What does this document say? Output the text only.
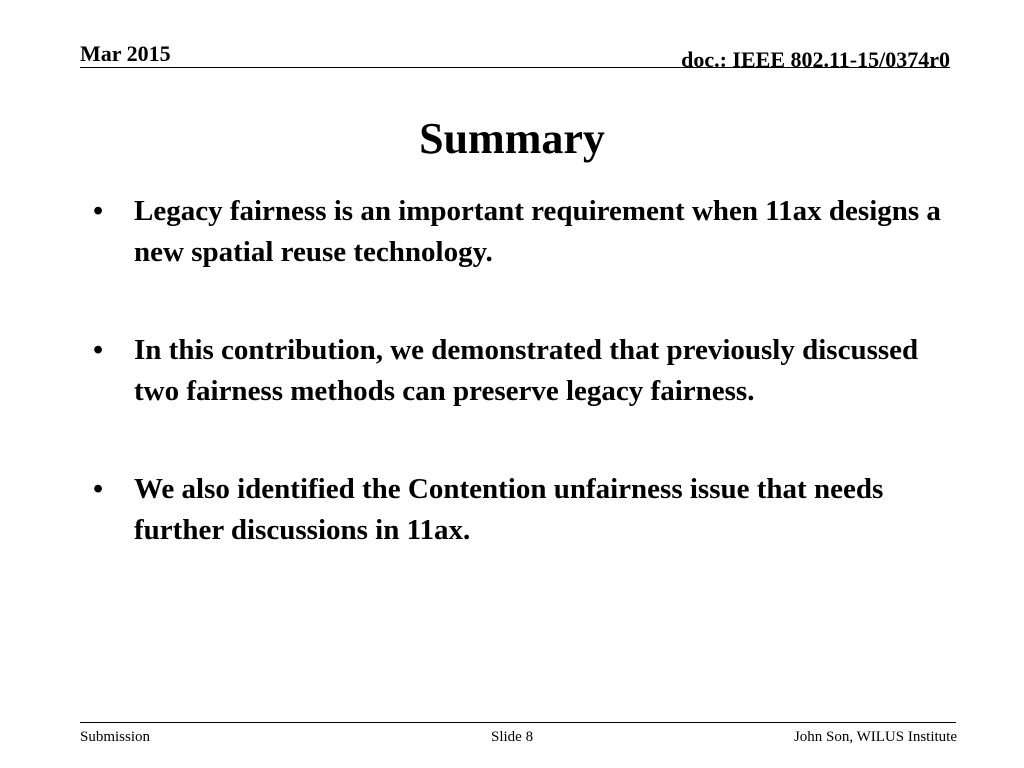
Mar 2015	doc.: IEEE 802.11-15/0374r0
Summary
• Legacy fairness is an important requirement when 11ax designs a new spatial reuse technology.
• In this contribution, we demonstrated that previously discussed two fairness methods can preserve legacy fairness.
• We also identified the Contention unfairness issue that needs further discussions in 11ax.
Submission	Slide 8	John Son, WILUS Institute
